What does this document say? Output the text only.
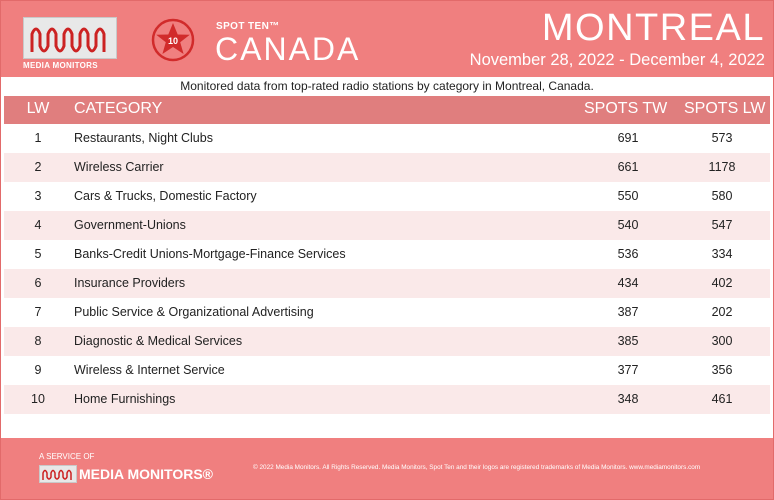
MEDIA MONITORS
10
SPOT TEN™
CANADA	MONTREAL
November 28, 2022 - December 4, 2022
Monitored data from top-rated radio stations by category in Montreal, Canada.
LW	CATEGORY	SPOTS TW SPOTS LW
1	Restaurants, Night Clubs	691	573
2	Wireless Carrier	661	1178
3	Cars & Trucks, Domestic Factory	550	580
4	Government-Unions	540	547
5	Banks-Credit Unions-Mortgage-Finance Services	536	334
6	Insurance Providers	434	402
7	Public Service & Organizational Advertising	387	202
8	Diagnostic & Medical Services	385	300
9	Wireless & Internet Service	377	356
10	Home Furnishings	348	461
A SERVICE OF
MEDIA MONITORS®	© 2022 Media Monitors. All Rights Reserved. Media Monitors, Spot Ten and their logos are registered trademarks of Media Monitors. www.mediamonitors.com
